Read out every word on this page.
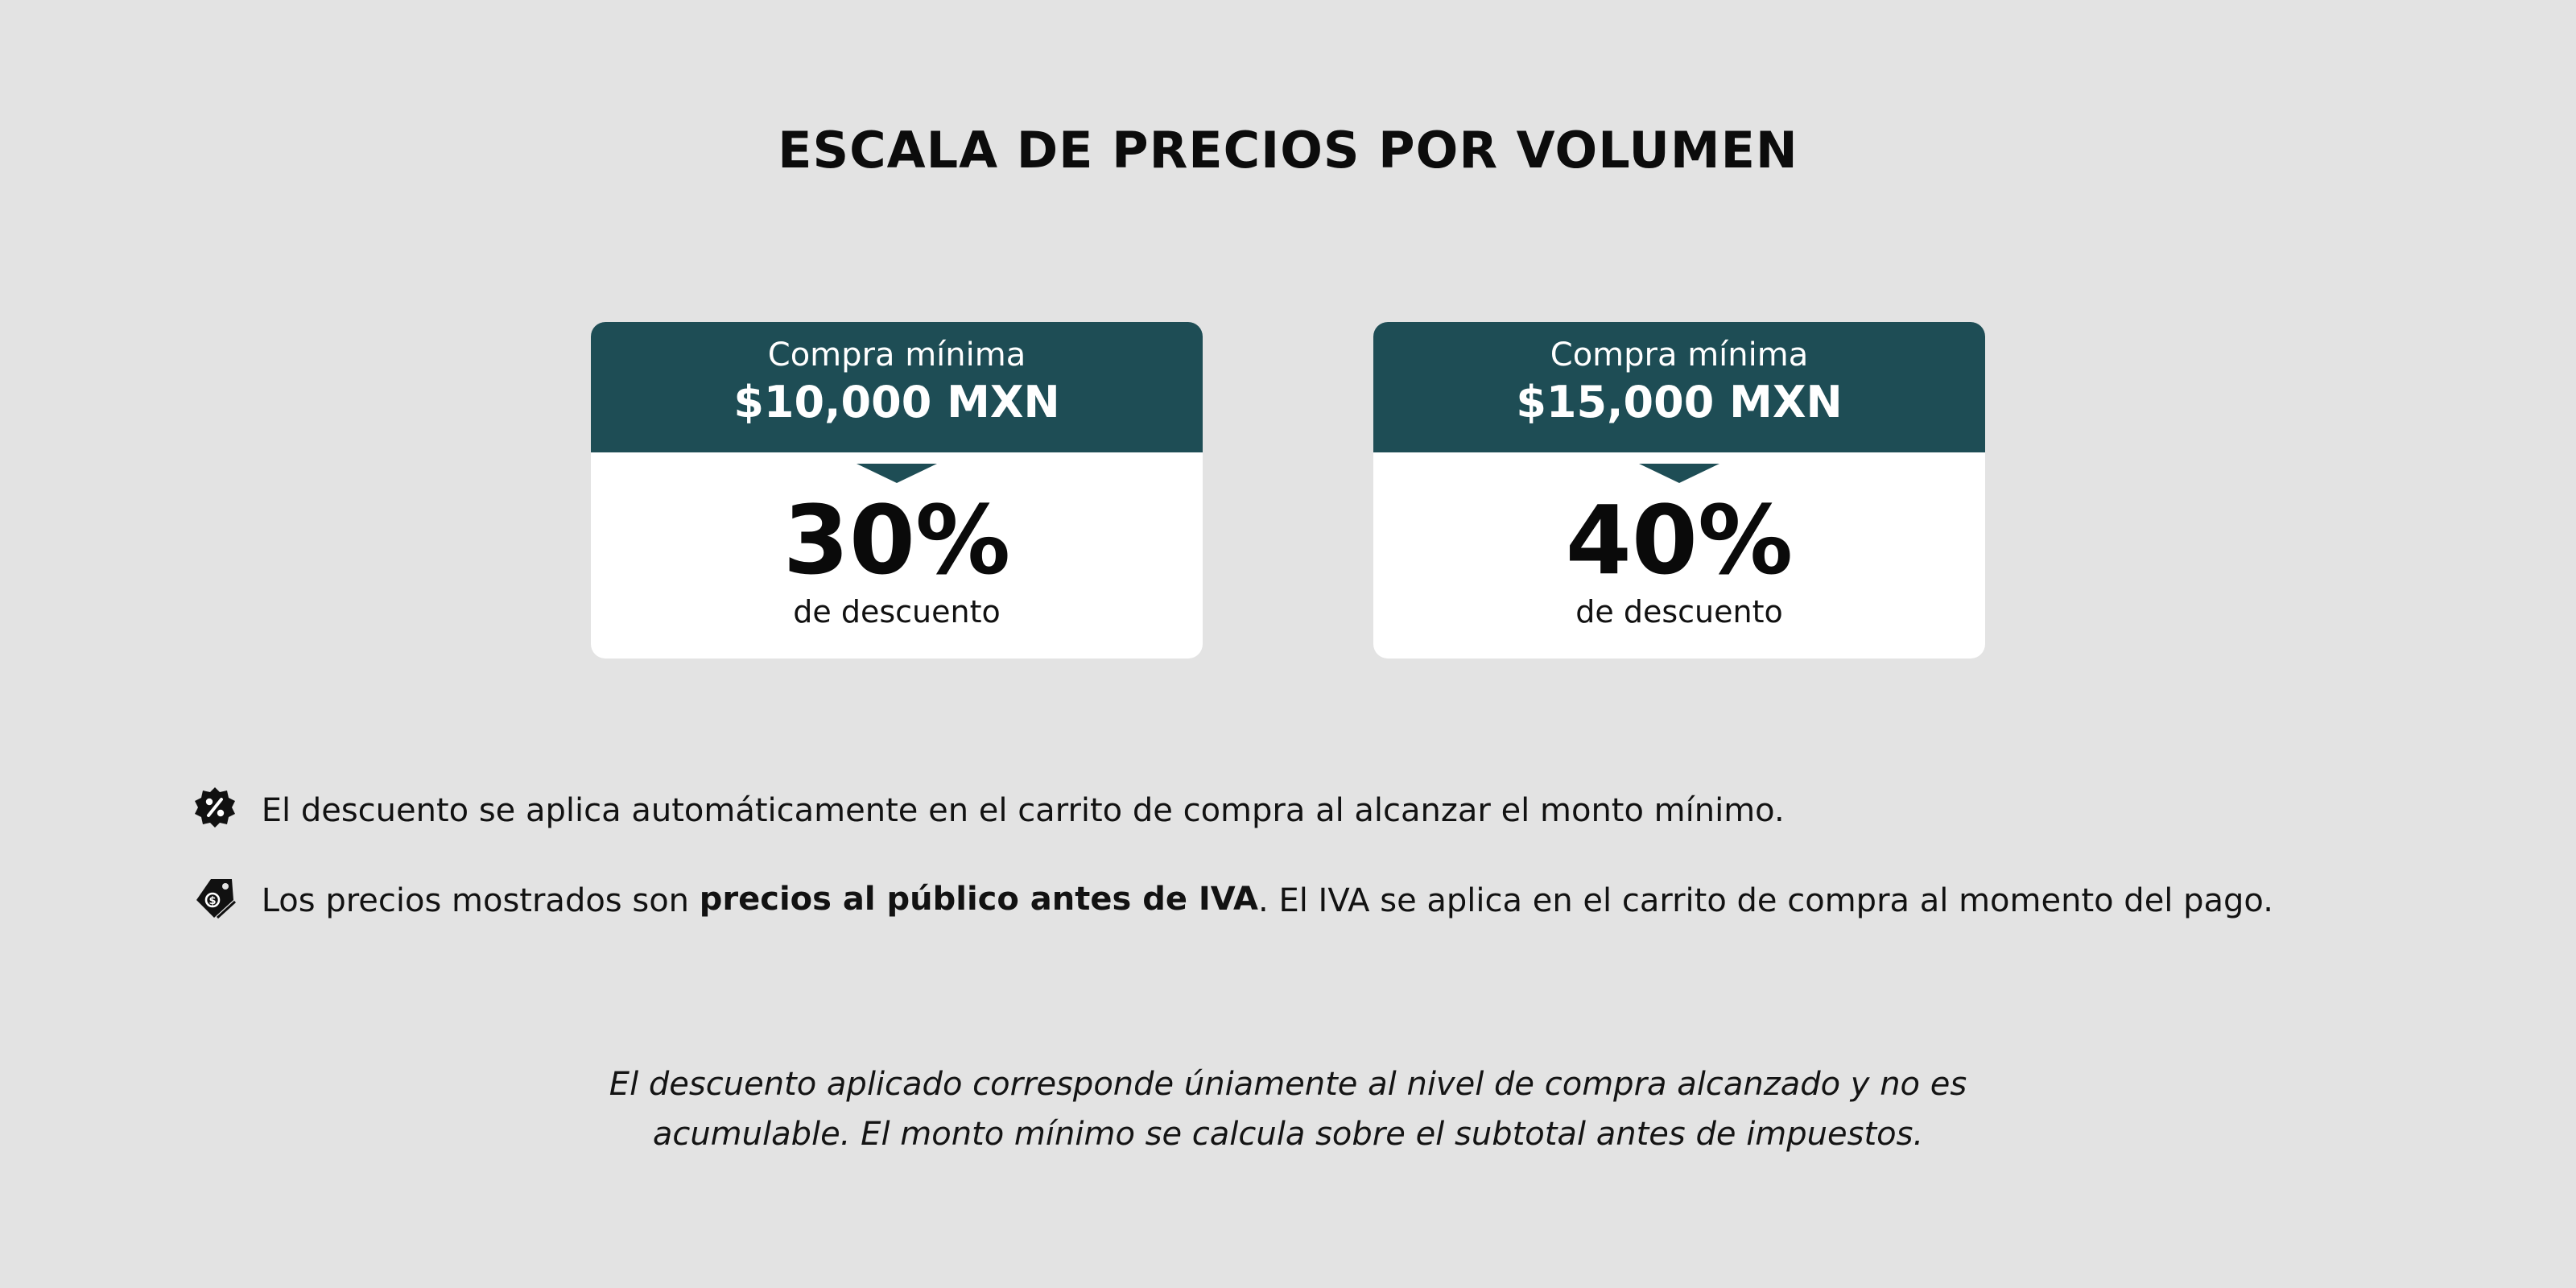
ESCALA DE PRECIOS POR VOLUMEN
Compra mínima
$10,000 MXN
30%
de descuento
Compra mínima
$15,000 MXN
40%
de descuento
El descuento se aplica automáticamente en el carrito de compra al alcanzar el monto mínimo.
$ Los precios mostrados son precios al público antes de IVA. El IVA se aplica en el carrito de compra al momento del pago.
El descuento aplicado corresponde úniamente al nivel de compra alcanzado y no es
acumulable. El monto mínimo se calcula sobre el subtotal antes de impuestos.
